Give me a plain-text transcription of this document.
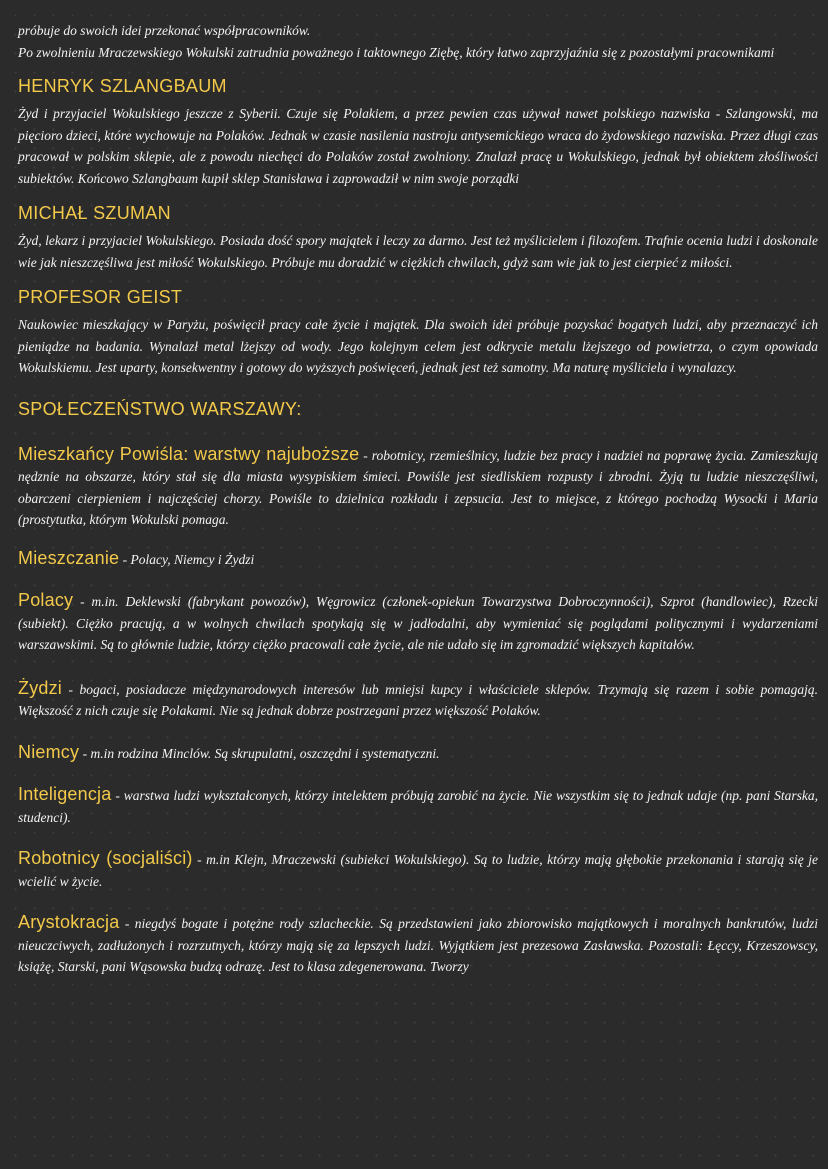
próbuje do swoich idei przekonać współpracowników.

Po zwolnieniu Mraczewskiego Wokulski zatrudnia poważnego i taktownego Ziębę, który łatwo zaprzyjaźnia się z pozostałymi pracownikami

HENRYK SZLANGBAUM

Żyd i przyjaciel Wokulskiego jeszcze z Syberii. Czuje się Polakiem, a przez pewien czas używał nawet polskiego nazwiska - Szlangowski, ma pięcioro dzieci, które wychowuje na Polaków. Jednak w czasie nasilenia nastroju antysemickiego wraca do żydowskiego nazwiska. Przez długi czas pracował w polskim sklepie, ale z powodu niechęci do Polaków został zwolniony. Znalazł pracę u Wokulskiego, jednak był obiektem złośliwości subiektów. Końcowo Szlangbaum kupił sklep Stanisława i zaprowadził w nim swoje porządki

MICHAŁ SZUMAN

Żyd, lekarz i przyjaciel Wokulskiego. Posiada dość spory majątek i leczy za darmo. Jest też myślicielem i filozofem. Trafnie ocenia ludzi i doskonale wie jak nieszczęśliwa jest miłość Wokulskiego. Próbuje mu doradzić w ciężkich chwilach, gdyż sam wie jak to jest cierpieć z miłości.

PROFESOR GEIST

Naukowiec mieszkający w Paryżu, poświęcił pracy całe życie i majątek. Dla swoich idei próbuje pozyskać bogatych ludzi, aby przeznaczyć ich pieniądze na badania. Wynalazł metal lżejszy od wody. Jego kolejnym celem jest odkrycie metalu lżejszego od powietrza, o czym opowiada Wokulskiemu. Jest uparty, konsekwentny i gotowy do wyższych poświęceń, jednak jest też samotny. Ma naturę myśliciela i wynalazcy.

SPOŁECZEŃSTWO WARSZAWY:

Mieszkańcy Powiśla: warstwy najuboższe - robotnicy, rzemieślnicy, ludzie bez pracy i nadziei na poprawę życia. Zamieszkują nędznie na obszarze, który stał się dla miasta wysypiskiem śmieci. Powiśle jest siedliskiem rozpusty i zbrodni. Żyją tu ludzie nieszczęśliwi, obarczeni cierpieniem i najczęściej chorzy. Powiśle to dzielnica rozkładu i zepsucia. Jest to miejsce, z którego pochodzą Wysocki i Maria (prostytutka, którym Wokulski pomaga.

Mieszczanie - Polacy, Niemcy i Żydzi

Polacy - m.in. Deklewski (fabrykant powozów), Węgrowicz (członek-opiekun Towarzystwa Dobroczynności), Szprot (handlowiec), Rzecki (subiekt). Ciężko pracują, a w wolnych chwilach spotykają się w jadłodalni, aby wymieniać się poglądami politycznymi i wydarzeniami warszawskimi. Są to głównie ludzie, którzy ciężko pracowali całe życie, ale nie udało się im zgromadzić większych kapitałów.

Żydzi - bogaci, posiadacze międzynarodowych interesów lub mniejsi kupcy i właściciele sklepów. Trzymają się razem i sobie pomagają. Większość z nich czuje się Polakami. Nie są jednak dobrze postrzegani przez większość Polaków.

Niemcy - m.in rodzina Minclów. Są skrupulatni, oszczędni i systematyczni.

Inteligencja - warstwa ludzi wykształconych, którzy intelektem próbują zarobić na życie. Nie wszystkim się to jednak udaje (np. pani Starska, studenci).

Robotnicy (socjaliści) - m.in Klejn, Mraczewski (subiekci Wokulskiego). Są to ludzie, którzy mają głębokie przekonania i starają się je wcielić w życie.

Arystokracja - niegdyś bogate i potężne rody szlacheckie. Są przedstawieni jako zbiorowisko majątkowych i moralnych bankrutów, ludzi nieuczciwych, zadłużonych i rozrzutnych, którzy mają się za lepszych ludzi. Wyjątkiem jest prezesowa Zasławska. Pozostali: Łęccy, Krzeszowscy, książę, Starski, pani Wąsowska budzą odrazę. Jest to klasa zdegenerowana. Tworzy
